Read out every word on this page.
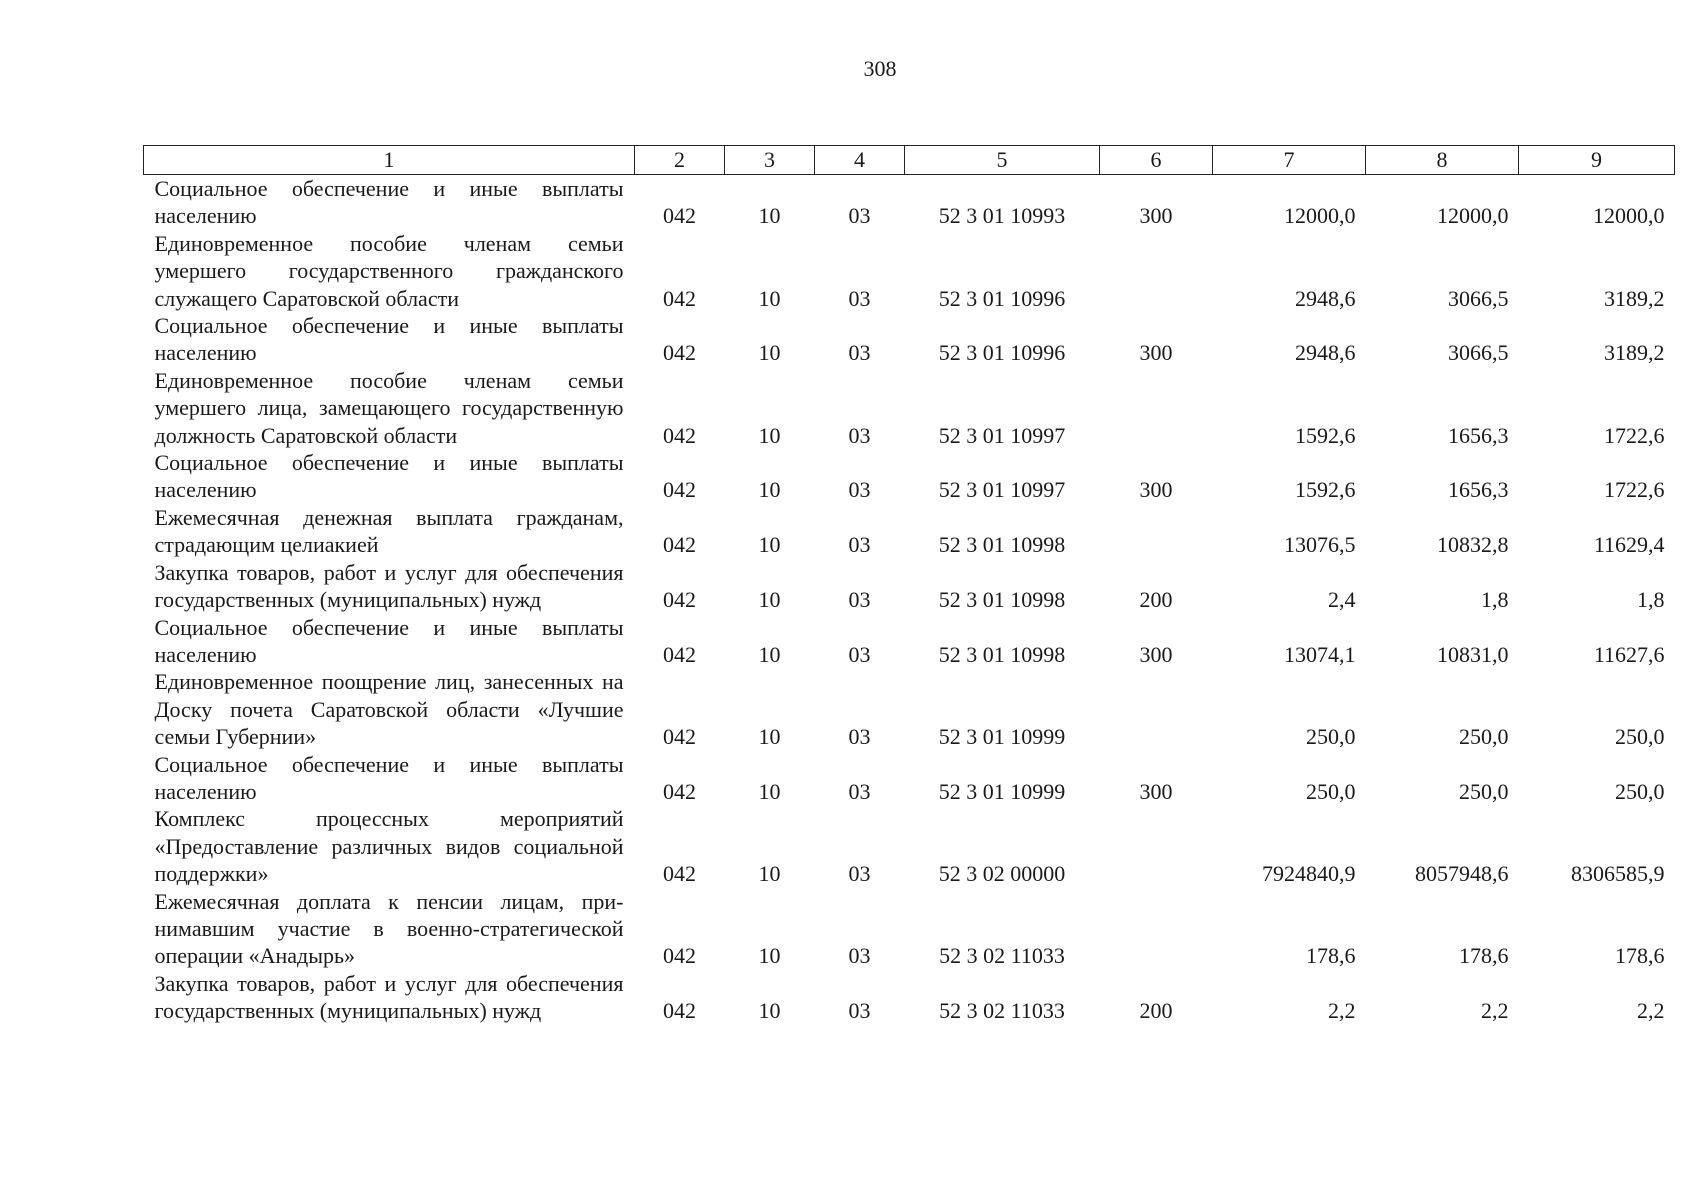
308
1	2	3	4	5	6	7	8	9
Социальное обеспечение и иные выплаты населению	042	10	03	52 3 01 10993	300	12000,0	12000,0	12000,0
Единовременное пособие членам семьи умершего государственного гражданского служащего Саратовской области	042	10	03	52 3 01 10996		2948,6	3066,5	3189,2
Социальное обеспечение и иные выплаты населению	042	10	03	52 3 01 10996	300	2948,6	3066,5	3189,2
Единовременное пособие членам семьи умершего лица, замещающего государственную должность Саратовской области	042	10	03	52 3 01 10997		1592,6	1656,3	1722,6
Социальное обеспечение и иные выплаты населению	042	10	03	52 3 01 10997	300	1592,6	1656,3	1722,6
Ежемесячная денежная выплата гражданам, страдающим целиакией	042	10	03	52 3 01 10998		13076,5	10832,8	11629,4
Закупка товаров, работ и услуг для обеспечения государственных (муниципальных) нужд	042	10	03	52 3 01 10998	200	2,4	1,8	1,8
Социальное обеспечение и иные выплаты населению	042	10	03	52 3 01 10998	300	13074,1	10831,0	11627,6
Единовременное поощрение лиц, занесенных на Доску почета Саратовской области «Лучшие семьи Губернии»	042	10	03	52 3 01 10999		250,0	250,0	250,0
Социальное обеспечение и иные выплаты населению	042	10	03	52 3 01 10999	300	250,0	250,0	250,0
Комплекс процессных мероприятий «Предоставление различных видов социальной поддержки»	042	10	03	52 3 02 00000		7924840,9	8057948,6	8306585,9
Ежемесячная доплата к пенсии лицам, принимавшим участие в военно-стратегической операции «Анадырь»	042	10	03	52 3 02 11033		178,6	178,6	178,6
Закупка товаров, работ и услуг для обеспечения государственных (муниципальных) нужд	042	10	03	52 3 02 11033	200	2,2	2,2	2,2
